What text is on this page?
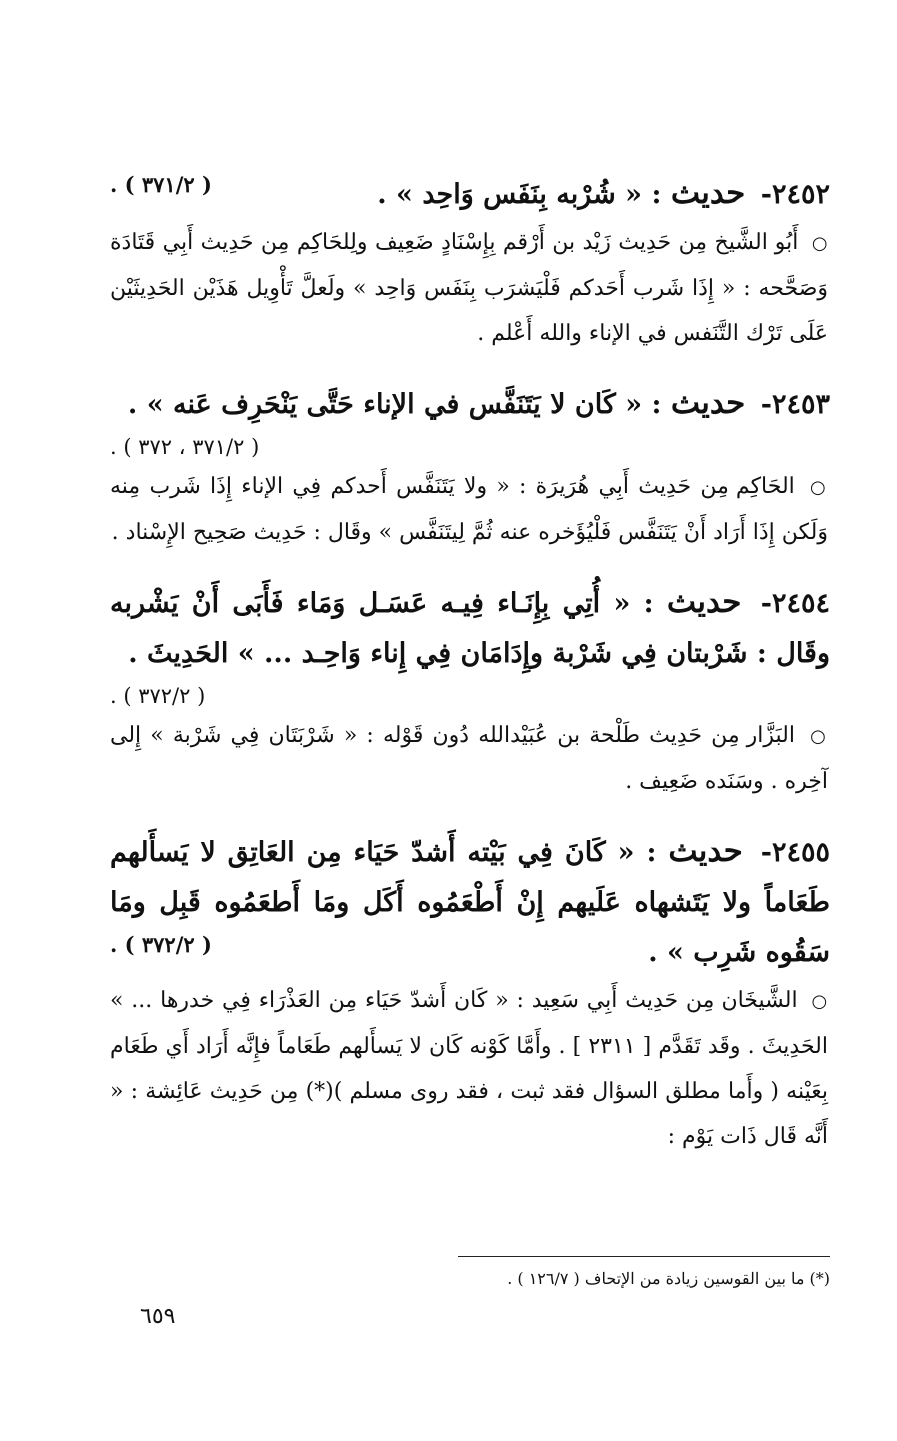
٢٤٥٢- حديث : « شُرْبه بِنَفَس وَاحِد » .
( ٣٧١/٢ ) .
○ أَبُو الشَّيخ مِن حَدِيث زَيْد بن أَرْقم بِإِسْنَادٍ ضَعِيف ولِلحَاكِم مِن حَدِيث أَبِي قَتَادَة وَصَحَّحه : « إِذَا شَرب أَحَدكم فَلْيَشرَب بِنَفَس وَاحِد » ولَعلَّ تَأْوِيل هَذَيْن الحَدِيثَيْن عَلَى تَرْك التَّنَفس في الإناء والله أَعْلم .
٢٤٥٣- حديث : « كَان لا يَتَنَفَّس في الإناء حَتَّى يَنْحَرِف عَنه » .
( ٣٧١/٢ ، ٣٧٢ ) .
○ الحَاكِم مِن حَدِيث أَبِي هُرَيرَة : « ولا يَتَنَفَّس أَحدكم فِي الإناء إِذَا شَرب مِنه وَلَكن إِذَا أَرَاد أَنْ يَتَنَفَّس فَلْيُؤَخره عنه ثُمَّ لِيتَنَفَّس » وقَال : حَدِيث صَحِيح الإِسْناد .
٢٤٥٤- حديث : « أُتِي بِإِنَـاء فِيـه عَسَـل وَمَاء فَأَبَى أَنْ يَشْربه وقَال : شَرْبتان فِي شَرْبة وإِدَامَان فِي إِناء وَاحِـد ... » الحَدِيثَ .
( ٣٧٢/٢ ) .
○ البَزَّار مِن حَدِيث طَلْحة بن عُبَيْدالله دُون قَوْله : « شَرْبَتَان فِي شَرْبة » إِلى آخِره . وسَنَده ضَعِيف .
٢٤٥٥- حديث : « كَانَ فِي بَيْته أَشدّ حَيَاء مِن العَاتِق لا يَسأَلهم طَعَاماً ولا يَتَشهاه عَلَيهم إِنْ أَطْعَمُوه أَكَل ومَا أَطعَمُوه قَبِل ومَا سَقُوه شَرِب » .
( ٣٧٢/٢ ) .
○ الشَّيخَان مِن حَدِيث أَبِي سَعِيد : « كَان أَشدّ حَيَاء مِن العَذْرَاء فِي خدرها ... » الحَدِيثَ . وقَد تَقَدَّم [ ٢٣١١ ] . وأَمَّا كَوْنه كَان لا يَسأَلهم طَعَاماً فإِنَّه أَرَاد أَي طَعَام بِعَيْنه ( وأَما مطلق السؤال فقد ثبت ، فقد روى مسلم )(*) مِن حَدِيث عَائِشة : « أَنَّه قَال ذَات يَوْم :
(*) ما بين القوسين زيادة من الإتحاف ( ١٢٦/٧ ) .
٦٥٩
